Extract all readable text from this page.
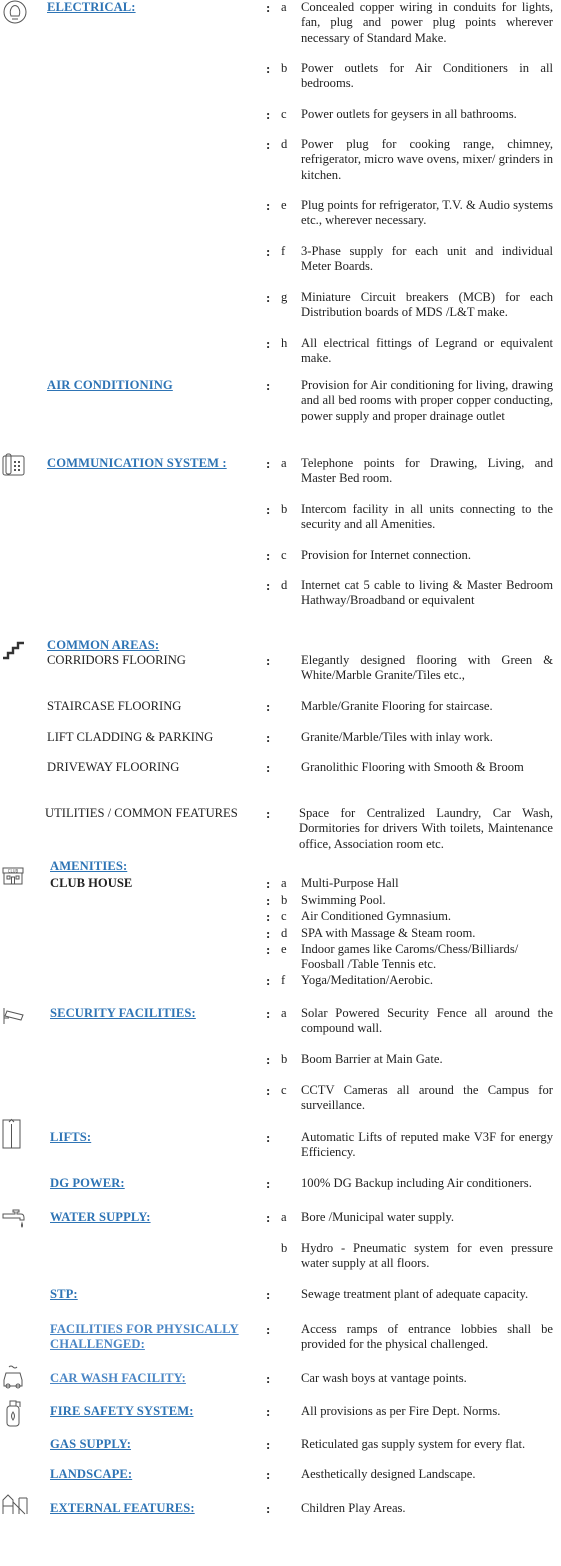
CLUB
ELECTRICAL:	: a Concealed copper wiring in conduits for lights, fan, plug and power plug points wherever necessary of Standard Make.
: b Power outlets for Air Conditioners in all bedrooms.
: c Power outlets for geysers in all bathrooms.
: d Power plug for cooking range, chimney, refrigerator, micro wave ovens, mixer/ grinders in kitchen.
: e Plug points for refrigerator, T.V. & Audio systems etc., wherever necessary.
: f 3-Phase supply for each unit and individual Meter Boards.
: g Miniature Circuit breakers (MCB) for each Distribution boards of MDS /L&T make.
: h All electrical fittings of Legrand or equivalent make.
AIR CONDITIONING	: Provision for Air conditioning for living, drawing and all bed rooms with proper copper conducting, power supply and proper drainage outlet
COMMUNICATION SYSTEM :	: a Telephone points for Drawing, Living, and Master Bed room.
: b Intercom facility in all units connecting to the security and all Amenities.
: c Provision for Internet connection.
: d Internet cat 5 cable to living & Master Bedroom Hathway/Broadband or equivalent
COMMON AREAS:
CORRIDORS FLOORING	: Elegantly designed flooring with Green & White/Marble Granite/Tiles etc.,
STAIRCASE FLOORING	: Marble/Granite Flooring for staircase.
LIFT CLADDING & PARKING	: Granite/Marble/Tiles with inlay work.
DRIVEWAY FLOORING	: Granolithic Flooring with Smooth & Broom
UTILITIES / COMMON FEATURES : Space for Centralized Laundry, Car Wash, Dormitories for drivers With toilets, Maintenance office, Association room etc.
AMENITIES:
CLUB HOUSE	: a Multi-Purpose Hall
: b Swimming Pool.
: c Air Conditioned Gymnasium.
: d SPA with Massage & Steam room.
: e Indoor games like Caroms/Chess/Billiards/ Foosball /Table Tennis etc.
: f Yoga/Meditation/Aerobic.
SECURITY FACILITIES:	: a Solar Powered Security Fence all around the compound wall.
: b Boom Barrier at Main Gate.
: c CCTV Cameras all around the Campus for surveillance.
LIFTS:	: Automatic Lifts of reputed make V3F for energy Efficiency.
DG POWER:	: 100% DG Backup including Air conditioners.
WATER SUPPLY:	: a Bore /Municipal water supply.
b Hydro - Pneumatic system for even pressure water supply at all floors.
STP:	: Sewage treatment plant of adequate capacity.
FACILITIES FOR PHYSICALLY
CHALLENGED:
: Access ramps of entrance lobbies shall be provided for the physical challenged.
CAR WASH FACILITY:	: Car wash boys at vantage points.
FIRE SAFETY SYSTEM:	: All provisions as per Fire Dept. Norms.
GAS SUPPLY:	: Reticulated gas supply system for every flat.
LANDSCAPE:	: Aesthetically designed Landscape.
EXTERNAL FEATURES:	: Children Play Areas.
